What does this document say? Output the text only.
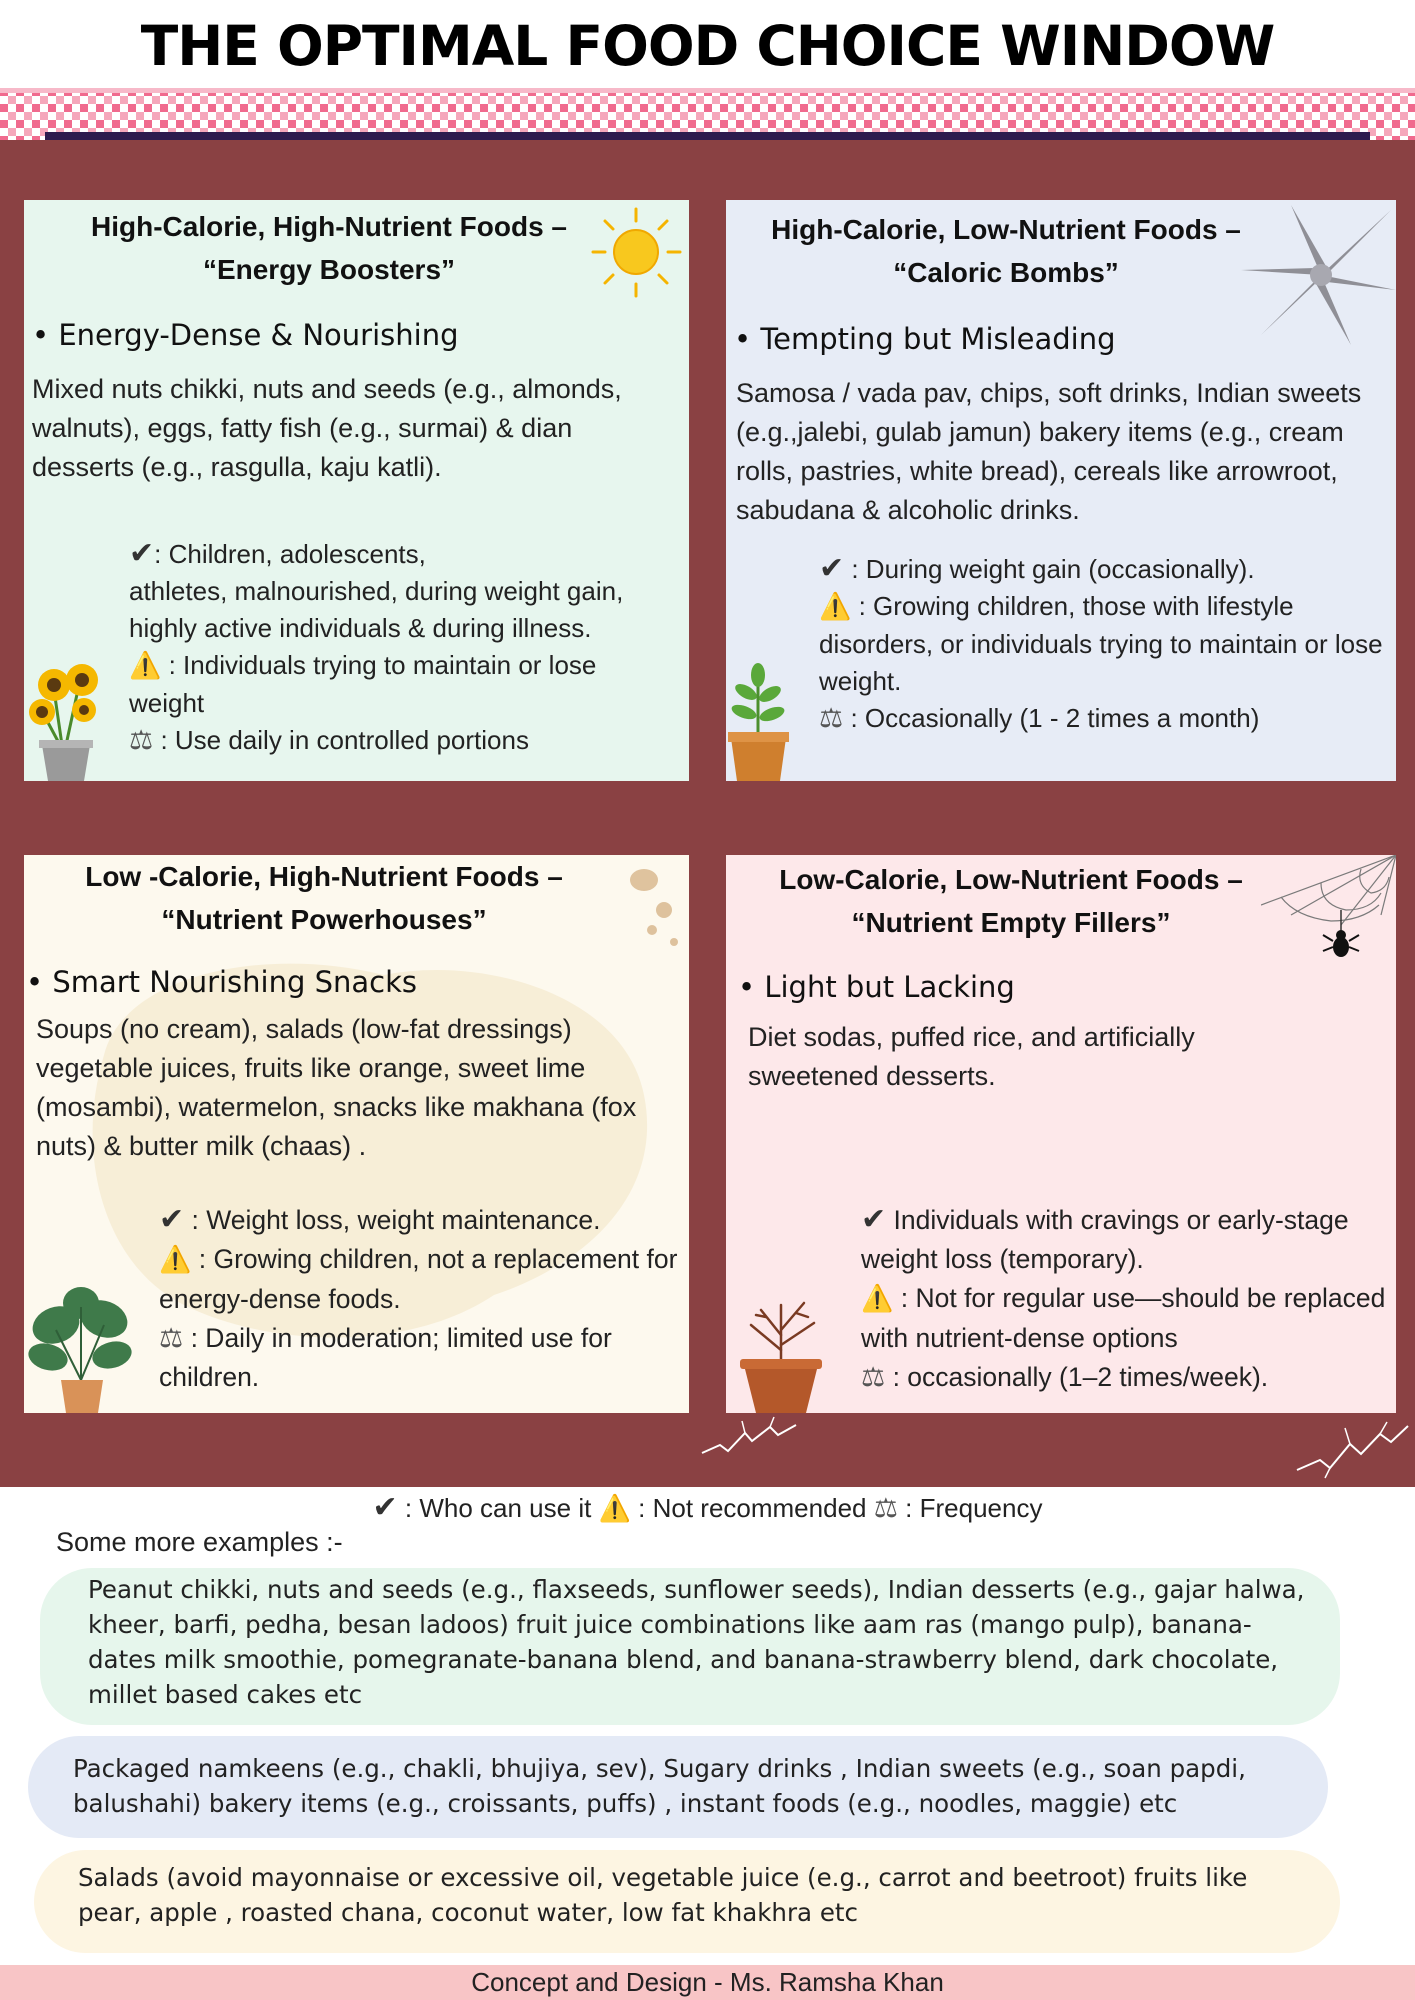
THE OPTIMAL FOOD CHOICE WINDOW
High-Calorie, High-Nutrient Foods –
“Energy Boosters”
• Energy-Dense & Nourishing
Mixed nuts chikki, nuts and seeds (e.g., almonds, walnuts), eggs, fatty fish (e.g., surmai) & dian desserts (e.g., rasgulla, kaju katli).
✔: Children, adolescents,
athletes, malnourished, during weight gain, highly active individuals & during illness.
⚠️ : Individuals trying to maintain or lose weight
⚖ : Use daily in controlled portions
High-Calorie, Low-Nutrient Foods –
“Caloric Bombs”
• Tempting but Misleading
Samosa / vada pav, chips, soft drinks, Indian sweets (e.g.,jalebi, gulab jamun) bakery items (e.g., cream rolls, pastries, white bread), cereals like arrowroot, sabudana & alcoholic drinks.
✔ : During weight gain (occasionally).
⚠️ : Growing children, those with lifestyle disorders, or individuals trying to maintain or lose weight.
⚖ : Occasionally (1 - 2 times a month)
Low -Calorie, High-Nutrient Foods –
“Nutrient Powerhouses”
• Smart Nourishing Snacks
Soups (no cream), salads (low-fat dressings) vegetable juices, fruits like orange, sweet lime (mosambi), watermelon, snacks like makhana (fox nuts) & butter milk (chaas) .
✔ : Weight loss, weight maintenance.
⚠️ : Growing children, not a replacement for energy-dense foods.
⚖ : Daily in moderation; limited use for children.
Low-Calorie, Low-Nutrient Foods –
“Nutrient Empty Fillers”
• Light but Lacking
Diet sodas, puffed rice, and artificially sweetened desserts.
✔ Individuals with cravings or early-stage weight loss (temporary).
⚠️ : Not for regular use—should be replaced with nutrient-dense options
⚖ : occasionally (1–2 times/week).
✔ : Who can use it ⚠️ : Not recommended ⚖ : Frequency
Some more examples :-
Peanut chikki, nuts and seeds (e.g., flaxseeds, sunflower seeds), Indian desserts (e.g., gajar halwa, kheer, barfi, pedha, besan ladoos) fruit juice combinations like aam ras (mango pulp), banana-dates milk smoothie, pomegranate-banana blend, and banana-strawberry blend, dark chocolate, millet based cakes etc
Packaged namkeens (e.g., chakli, bhujiya, sev), Sugary drinks , Indian sweets (e.g., soan papdi, balushahi) bakery items (e.g., croissants, puffs) , instant foods (e.g., noodles, maggie) etc
Salads (avoid mayonnaise or excessive oil, vegetable juice (e.g., carrot and beetroot) fruits like pear, apple , roasted chana, coconut water, low fat khakhra etc
Concept and Design - Ms. Ramsha Khan
